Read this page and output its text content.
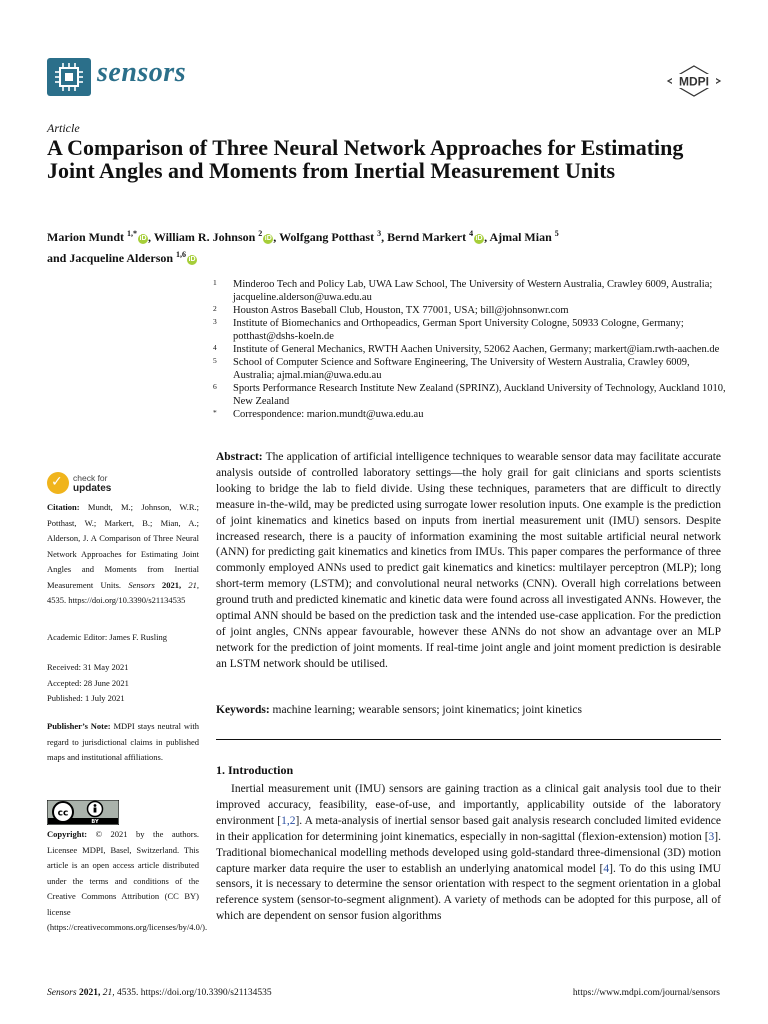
sensors	MDPI
Article
A Comparison of Three Neural Network Approaches for Estimating Joint Angles and Moments from Inertial Measurement Units
Marion Mundt $^{1,*}$iD , William R. Johnson $^2$iD , Wolfgang Potthast $^3$, Bernd Markert $^4$iD , Ajmal Mian $^5$
and Jacqueline Alderson $^{1,6}$iD
1 Minderoo Tech and Policy Lab, UWA Law School, The University of Western Australia, Crawley 6009, Australia; jacqueline.alderson@uwa.edu.au
2 Houston Astros Baseball Club, Houston, TX 77001, USA; bill@johnsonwr.com
3 Institute of Biomechanics and Orthopeadics, German Sport University Cologne, 50933 Cologne, Germany; potthast@dshs-koeln.de
4 Institute of General Mechanics, RWTH Aachen University, 52062 Aachen, Germany; markert@iam.rwth-aachen.de
5 School of Computer Science and Software Engineering, The University of Western Australia, Crawley 6009, Australia; ajmal.mian@uwa.edu.au
6 Sports Performance Research Institute New Zealand (SPRINZ), Auckland University of Technology, Auckland 1010, New Zealand
* Correspondence: marion.mundt@uwa.edu.au
✓ check for
updates
Citation: Mundt, M.; Johnson, W.R.; Potthast, W.; Markert, B.; Mian, A.; Alderson, J. A Comparison of Three Neural Network Approaches for Estimating Joint Angles and Moments from Inertial Measurement Units. Sensors 2021, 21, 4535. https://doi.org/10.3390/s21134535
Academic Editor: James F. Rusling
Received: 31 May 2021
Accepted: 28 June 2021
Published: 1 July 2021
Publisher’s Note: MDPI stays neutral with regard to jurisdictional claims in published maps and institutional affiliations.
cc
BY
Copyright: © 2021 by the authors. Licensee MDPI, Basel, Switzerland. This article is an open access article distributed under the terms and conditions of the Creative Commons Attribution (CC BY) license (https://creativecommons.org/licenses/by/4.0/).
Abstract: The application of artificial intelligence techniques to wearable sensor data may facilitate accurate analysis outside of controlled laboratory settings—the holy grail for gait clinicians and sports scientists looking to bridge the lab to field divide. Using these techniques, parameters that are difficult to directly measure in-the-wild, may be predicted using surrogate lower resolution inputs. One example is the prediction of joint kinematics and kinetics based on inputs from inertial measurement unit (IMU) sensors. Despite increased research, there is a paucity of information examining the most suitable artificial neural network (ANN) for predicting gait kinematics and kinetics from IMUs. This paper compares the performance of three commonly employed ANNs used to predict gait kinematics and kinetics: multilayer perceptron (MLP); long short-term memory (LSTM); and convolutional neural networks (CNN). Overall high correlations between ground truth and predicted kinematic and kinetic data were found across all investigated ANNs. However, the optimal ANN should be based on the prediction task and the intended use-case application. For the prediction of joint angles, CNNs appear favourable, however these ANNs do not show an advantage over an MLP network for the prediction of joint moments. If real-time joint angle and joint moment prediction is desirable an LSTM network should be utilised.
Keywords: machine learning; wearable sensors; joint kinematics; joint kinetics
1. Introduction
Inertial measurement unit (IMU) sensors are gaining traction as a clinical gait analysis tool due to their improved accuracy, feasibility, ease-of-use, and importantly, applicability outside of the laboratory environment [1,2]. A meta-analysis of inertial sensor based gait analysis research concluded limited evidence in their application for determining joint kinematics, especially in non-sagittal (flexion-extension) motion [3]. Traditional biomechanical modelling methods developed using gold-standard three-dimensional (3D) motion capture marker data require the user to establish an underlying anatomical model [4]. To do this using IMU sensors, it is necessary to determine the sensor orientation with respect to the segment orientation in a global reference system (sensor-to-segment alignment). A variety of methods can be adopted for this purpose, all of which are dependent on sensor fusion algorithms
Sensors 2021, 21, 4535. https://doi.org/10.3390/s21134535	https://www.mdpi.com/journal/sensors
